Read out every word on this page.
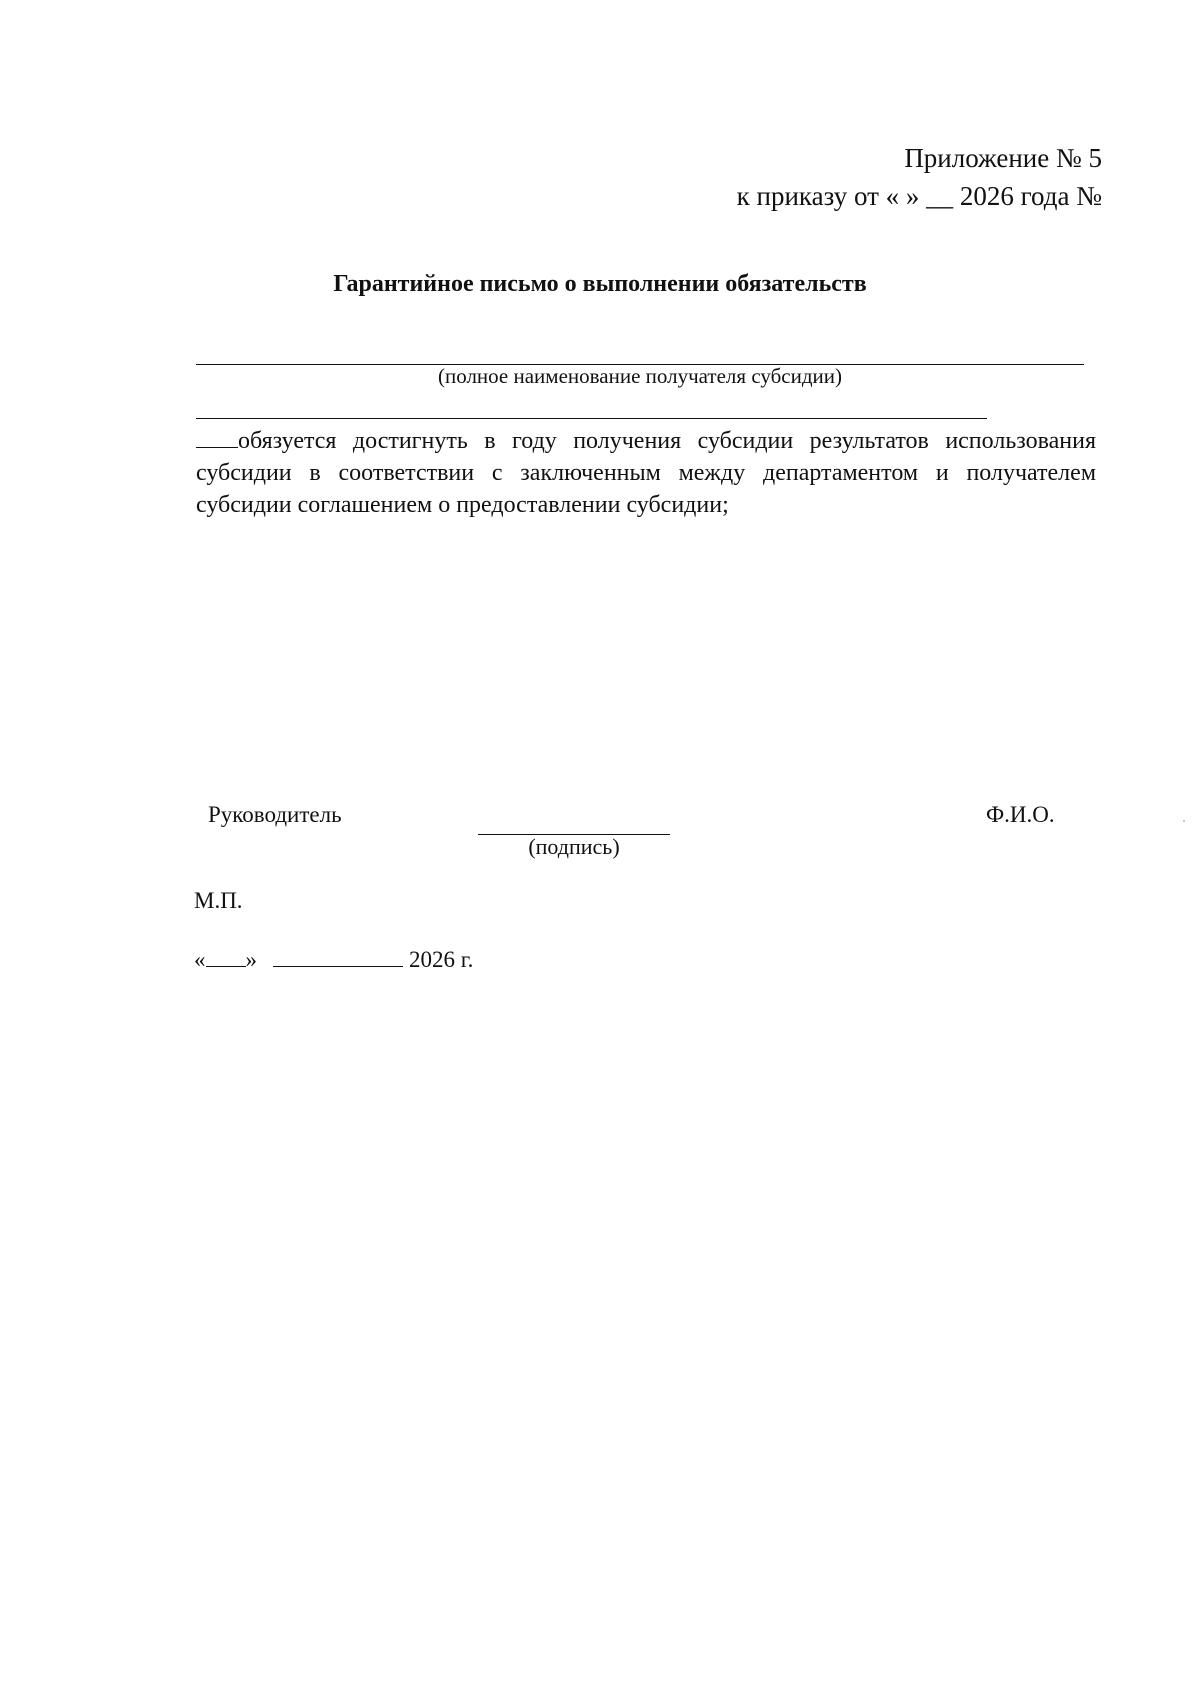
Приложение № 5
к приказу от « » __ 2026 года №
Гарантийное письмо о выполнении обязательств
(полное наименование получателя субсидии)
обязуется достигнуть в году получения субсидии результатов использования субсидии в соответствии с заключенным между департаментом и получателем субсидии соглашением о предоставлении субсидии;
Руководитель
(подпись)
Ф.И.О.
М.П.
« »	2026 г.
